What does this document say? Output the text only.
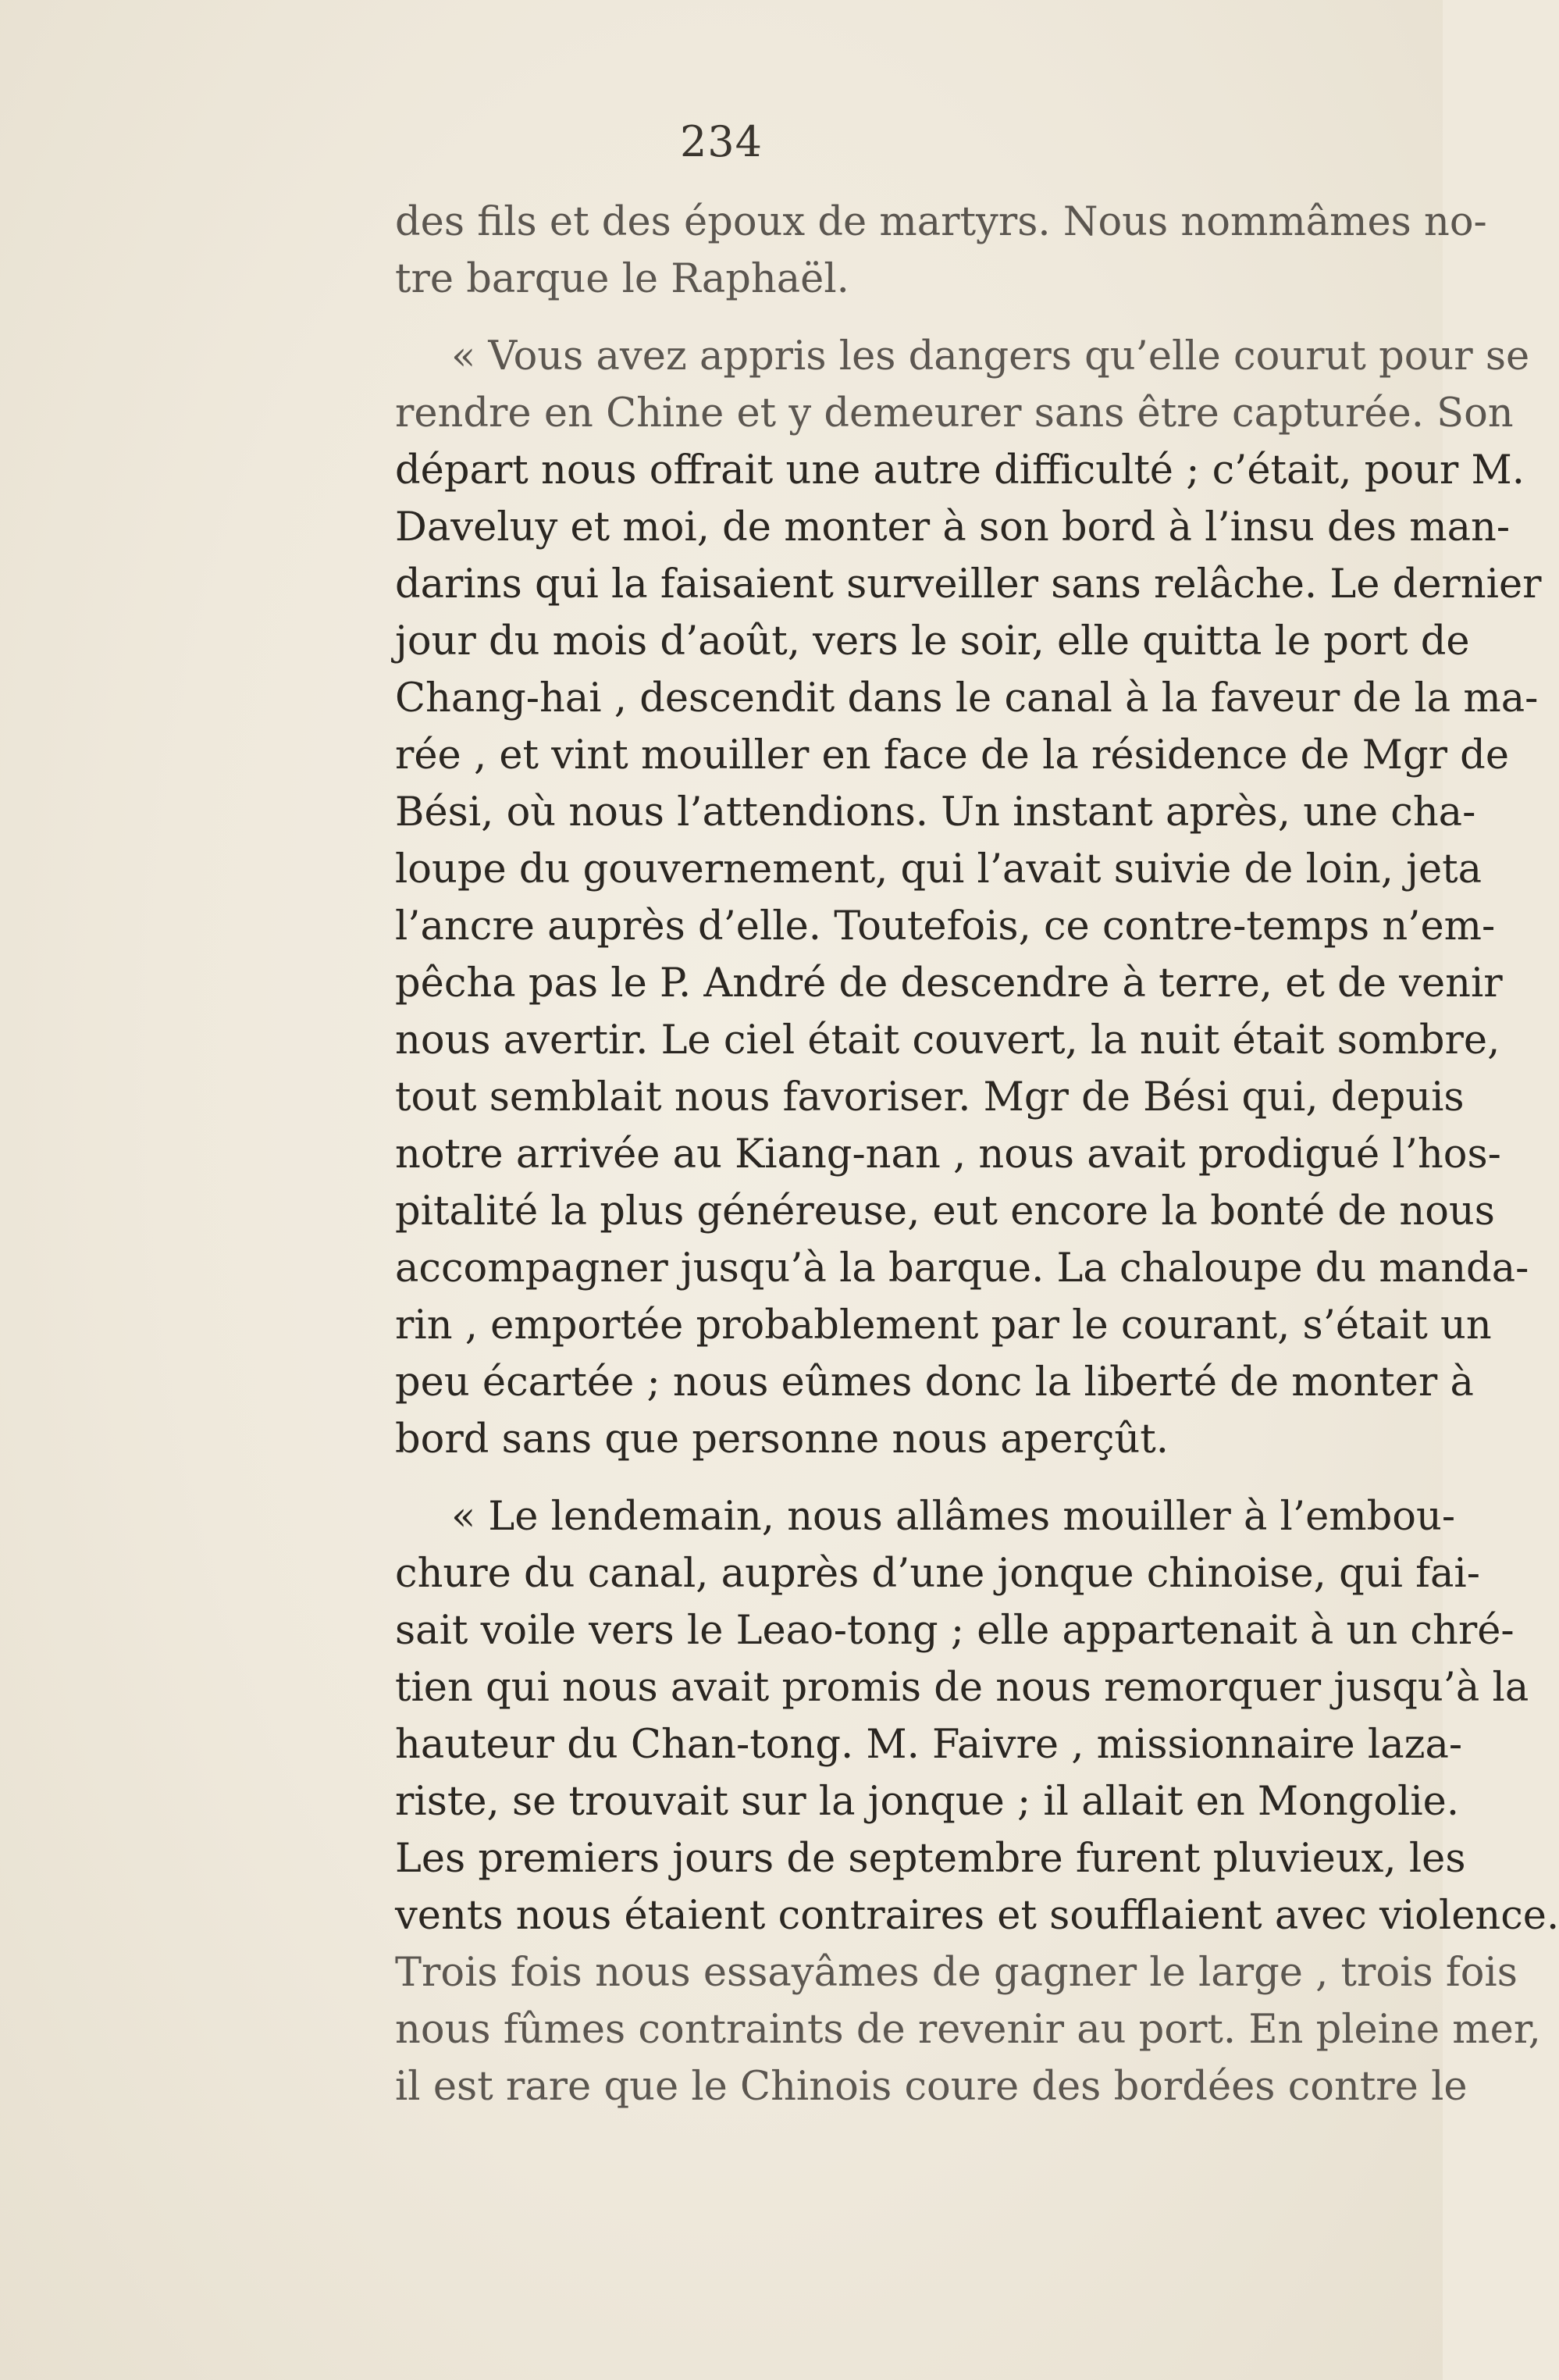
234
des fils et des époux de martyrs. Nous nommâmes no-
tre barque le Raphaël.
« Vous avez appris les dangers qu’elle courut pour se
rendre en Chine et y demeurer sans être capturée. Son
départ nous offrait une autre difficulté ; c’était, pour M.
Daveluy et moi, de monter à son bord à l’insu des man-
darins qui la faisaient surveiller sans relâche. Le dernier
jour du mois d’août, vers le soir, elle quitta le port de
Chang-hai , descendit dans le canal à la faveur de la ma-
rée , et vint mouiller en face de la résidence de Mgr de
Bési, où nous l’attendions. Un instant après, une cha-
loupe du gouvernement, qui l’avait suivie de loin, jeta
l’ancre auprès d’elle. Toutefois, ce contre-temps n’em-
pêcha pas le P. André de descendre à terre, et de venir
nous avertir. Le ciel était couvert, la nuit était sombre,
tout semblait nous favoriser. Mgr de Bési qui, depuis
notre arrivée au Kiang-nan , nous avait prodigué l’hos-
pitalité la plus généreuse, eut encore la bonté de nous
accompagner jusqu’à la barque. La chaloupe du manda-
rin , emportée probablement par le courant, s’était un
peu écartée ; nous eûmes donc la liberté de monter à
bord sans que personne nous aperçût.
« Le lendemain, nous allâmes mouiller à l’embou-
chure du canal, auprès d’une jonque chinoise, qui fai-
sait voile vers le Leao-tong ; elle appartenait à un chré-
tien qui nous avait promis de nous remorquer jusqu’à la
hauteur du Chan-tong. M. Faivre , missionnaire laza-
riste, se trouvait sur la jonque ; il allait en Mongolie.
Les premiers jours de septembre furent pluvieux, les
vents nous étaient contraires et soufflaient avec violence.
Trois fois nous essayâmes de gagner le large , trois fois
nous fûmes contraints de revenir au port. En pleine mer,
il est rare que le Chinois coure des bordées contre le
